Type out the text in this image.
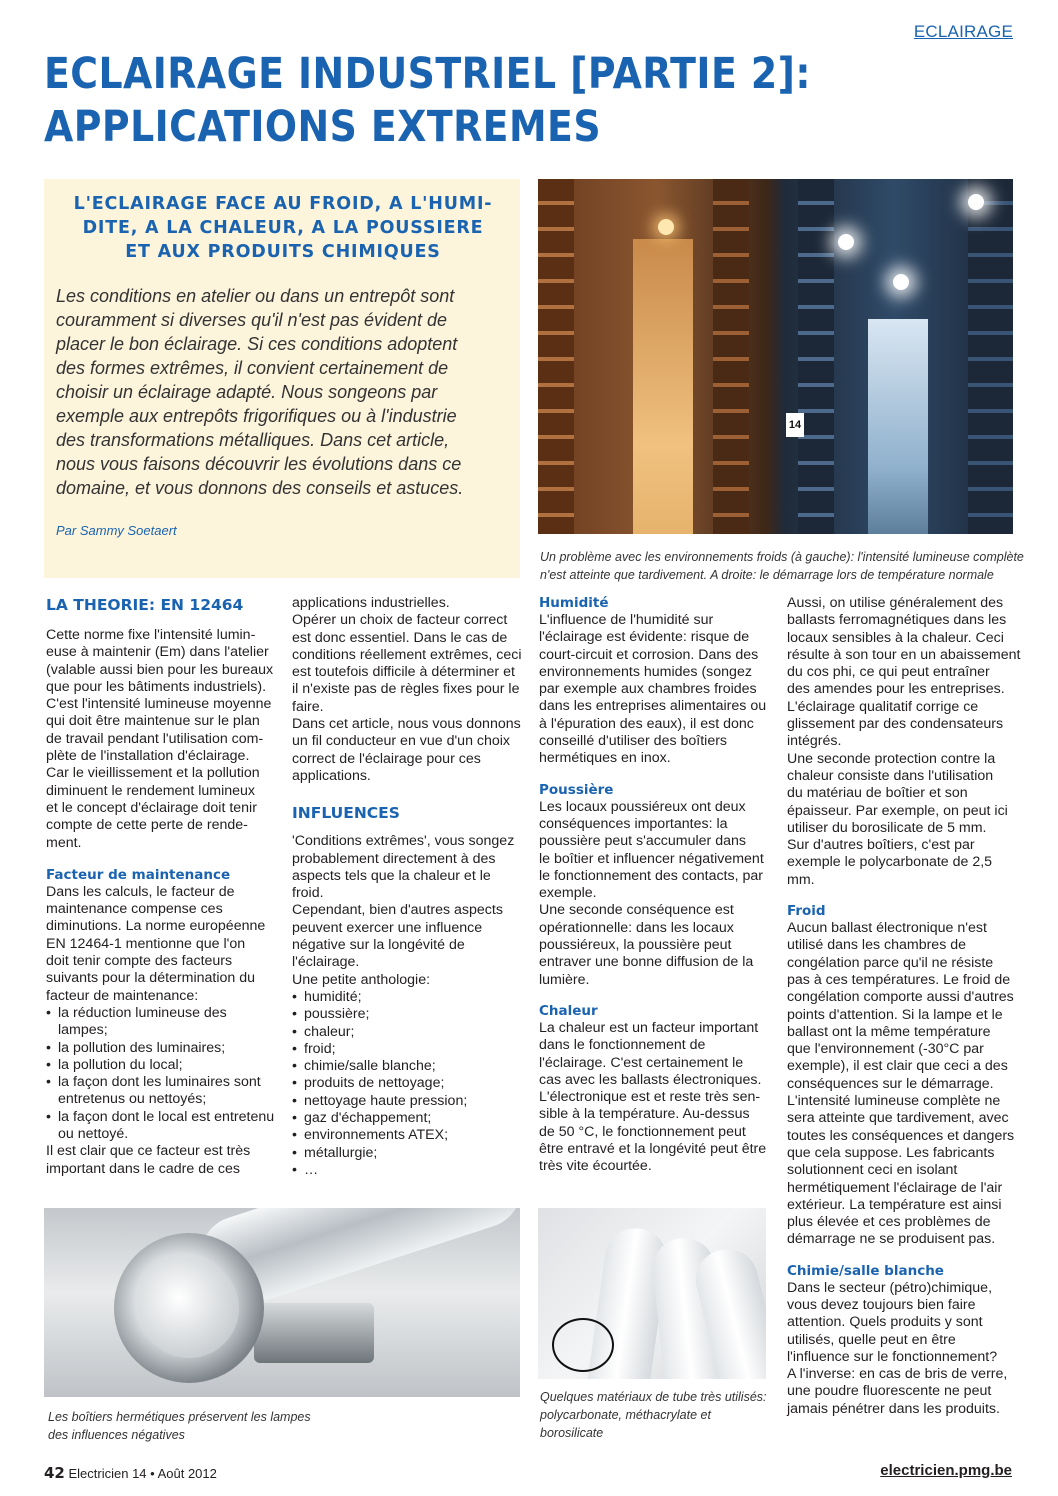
ECLAIRAGE
ECLAIRAGE INDUSTRIEL [PARTIE 2]:
APPLICATIONS EXTREMES
L'ECLAIRAGE FACE AU FROID, A L'HUMI-
DITE, A LA CHALEUR, A LA POUSSIERE
ET AUX PRODUITS CHIMIQUES
Les conditions en atelier ou dans un entrepôt sont
couramment si diverses qu'il n'est pas évident de
placer le bon éclairage. Si ces conditions adoptent
des formes extrêmes, il convient certainement de
choisir un éclairage adapté. Nous songeons par
exemple aux entrepôts frigorifiques ou à l'industrie
des transformations métalliques. Dans cet article,
nous vous faisons découvrir les évolutions dans ce
domaine, et vous donnons des conseils et astuces.
Par Sammy Soetaert
14
Un problème avec les environnements froids (à gauche): l'intensité lumineuse complète
n'est atteinte que tardivement. A droite: le démarrage lors de température normale
LA THEORIE: EN 12464

Cette norme fixe l'intensité lumin-
euse à maintenir (Em) dans l'atelier
(valable aussi bien pour les bureaux
que pour les bâtiments industriels).
C'est l'intensité lumineuse moyenne
qui doit être maintenue sur le plan
de travail pendant l'utilisation com-
plète de l'installation d'éclairage.
Car le vieillissement et la pollution
diminuent le rendement lumineux
et le concept d'éclairage doit tenir
compte de cette perte de rende-
ment.

Facteur de maintenance

Dans les calculs, le facteur de
maintenance compense ces
diminutions. La norme européenne
EN 12464-1 mentionne que l'on
doit tenir compte des facteurs
suivants pour la détermination du
facteur de maintenance:

• la réduction lumineuse des
lampes;
• la pollution des luminaires;
• la pollution du local;
• la façon dont les luminaires sont
entretenus ou nettoyés;
• la façon dont le local est entretenu
ou nettoyé.

Il est clair que ce facteur est très
important dans le cadre de ces

applications industrielles.
Opérer un choix de facteur correct
est donc essentiel. Dans le cas de
conditions réellement extrêmes, ceci
est toutefois difficile à déterminer et
il n'existe pas de règles fixes pour le
faire.
Dans cet article, nous vous donnons
un fil conducteur en vue d'un choix
correct de l'éclairage pour ces
applications.

INFLUENCES

'Conditions extrêmes', vous songez
probablement directement à des
aspects tels que la chaleur et le
froid.
Cependant, bien d'autres aspects
peuvent exercer une influence
négative sur la longévité de
l'éclairage.
Une petite anthologie:

• humidité;
• poussière;
• chaleur;
• froid;
• chimie/salle blanche;
• produits de nettoyage;
• nettoyage haute pression;
• gaz d'échappement;
• environnements ATEX;
• métallurgie;
• …
Humidité

L'influence de l'humidité sur
l'éclairage est évidente: risque de
court-circuit et corrosion. Dans des
environnements humides (songez
par exemple aux chambres froides
dans les entreprises alimentaires ou
à l'épuration des eaux), il est donc
conseillé d'utiliser des boîtiers
hermétiques en inox.

Poussière

Les locaux poussiéreux ont deux
conséquences importantes: la
poussière peut s'accumuler dans
le boîtier et influencer négativement
le fonctionnement des contacts, par
exemple.
Une seconde conséquence est
opérationnelle: dans les locaux
poussiéreux, la poussière peut
entraver une bonne diffusion de la
lumière.

Chaleur

La chaleur est un facteur important
dans le fonctionnement de
l'éclairage. C'est certainement le
cas avec les ballasts électroniques.
L'électronique est et reste très sen-
sible à la température. Au-dessus
de 50 °C, le fonctionnement peut
être entravé et la longévité peut être
très vite écourtée.

Aussi, on utilise généralement des
ballasts ferromagnétiques dans les
locaux sensibles à la chaleur. Ceci
résulte à son tour en un abaissement
du cos phi, ce qui peut entraîner
des amendes pour les entreprises.
L'éclairage qualitatif corrige ce
glissement par des condensateurs
intégrés.
Une seconde protection contre la
chaleur consiste dans l'utilisation
du matériau de boîtier et son
épaisseur. Par exemple, on peut ici
utiliser du borosilicate de 5 mm.
Sur d'autres boîtiers, c'est par
exemple le polycarbonate de 2,5
mm.

Froid

Aucun ballast électronique n'est
utilisé dans les chambres de
congélation parce qu'il ne résiste
pas à ces températures. Le froid de
congélation comporte aussi d'autres
points d'attention. Si la lampe et le
ballast ont la même température
que l'environnement (-30°C par
exemple), il est clair que ceci a des
conséquences sur le démarrage.
L'intensité lumineuse complète ne
sera atteinte que tardivement, avec
toutes les conséquences et dangers
que cela suppose. Les fabricants
solutionnent ceci en isolant
hermétiquement l'éclairage de l'air
extérieur. La température est ainsi
plus élevée et ces problèmes de
démarrage ne se produisent pas.

Chimie/salle blanche

Dans le secteur (pétro)chimique,
vous devez toujours bien faire
attention. Quels produits y sont
utilisés, quelle peut en être
l'influence sur le fonctionnement?
A l'inverse: en cas de bris de verre,
une poudre fluorescente ne peut
jamais pénétrer dans les produits.

Les boîtiers hermétiques préservent les lampes
des influences négatives
Quelques matériaux de tube très utilisés:
polycarbonate, méthacrylate et
borosilicate
42 Electricien 14 • Août 2012	electricien.pmg.be
